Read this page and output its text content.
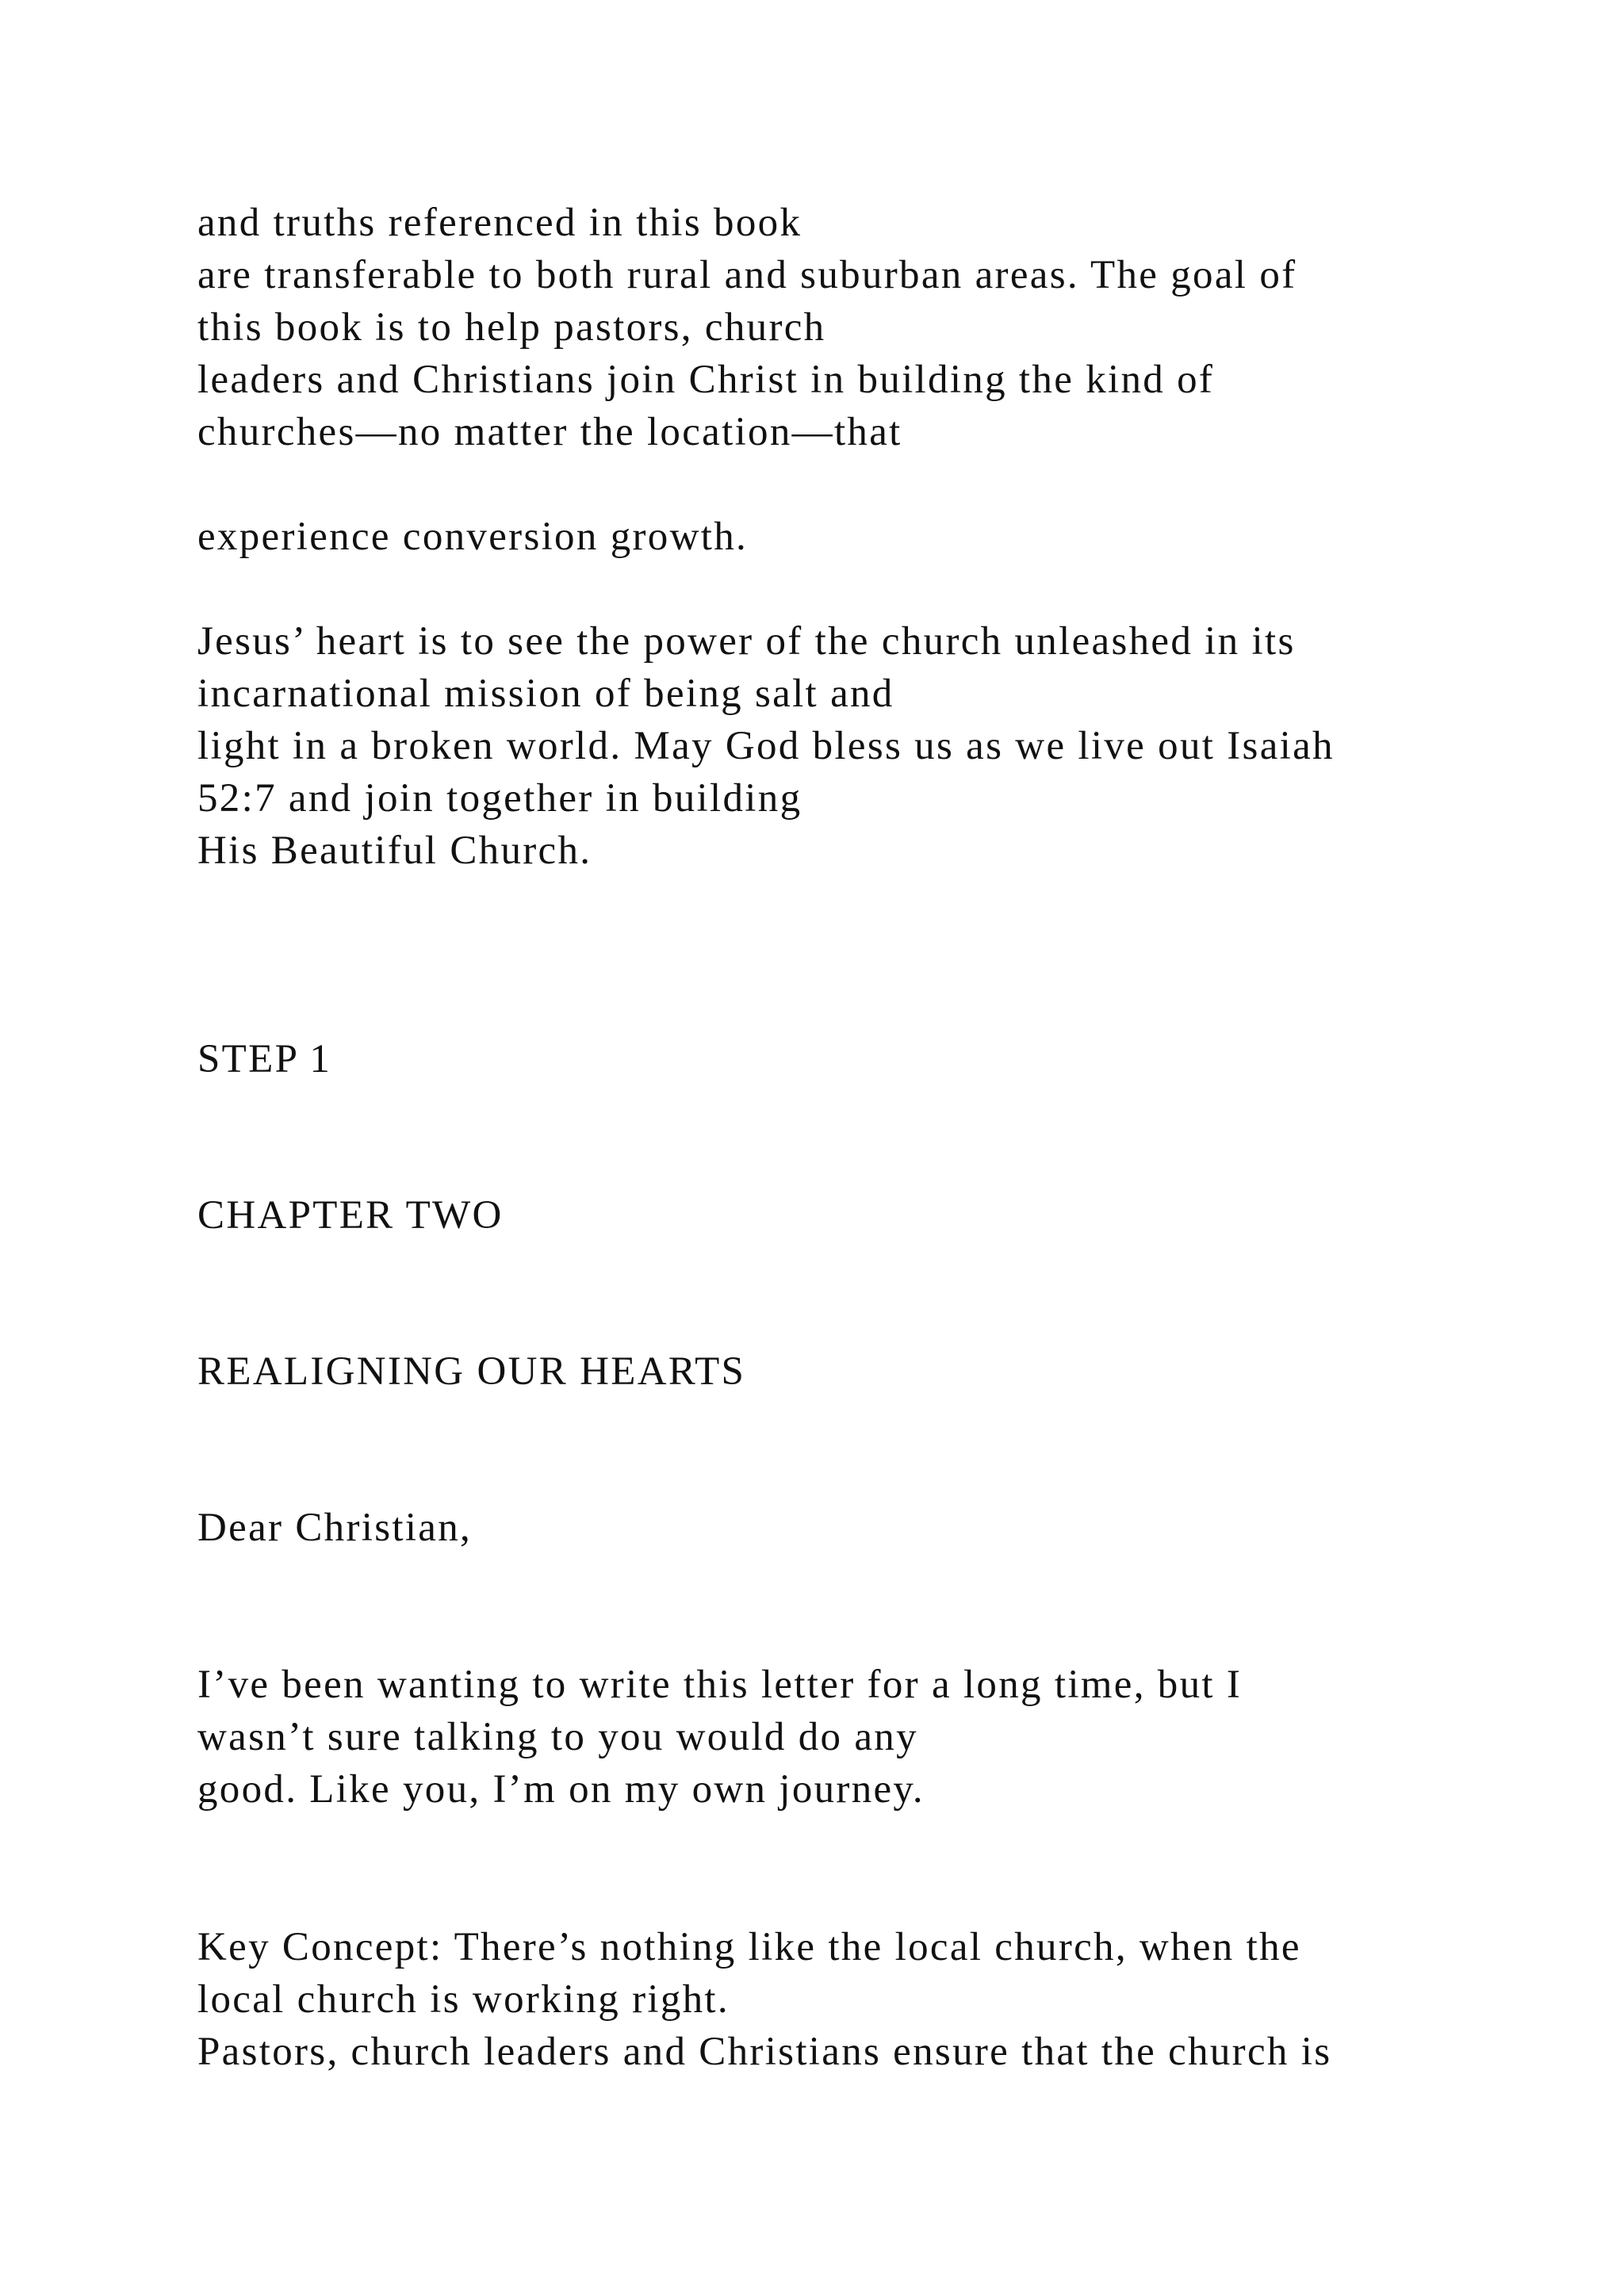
and truths referenced in this book

are transferable to both rural and suburban areas. The goal of

this book is to help pastors, church

leaders and Christians join Christ in building the kind of

churches—no matter the location—that

experience conversion growth.

Jesus’ heart is to see the power of the church unleashed in its

incarnational mission of being salt and

light in a broken world. May God bless us as we live out Isaiah

52:7 and join together in building

His Beautiful Church.

STEP 1

CHAPTER TWO

REALIGNING OUR HEARTS

Dear Christian,

I’ve been wanting to write this letter for a long time, but I

wasn’t sure talking to you would do any

good. Like you, I’m on my own journey.

Key Concept: There’s nothing like the local church, when the

local church is working right.

Pastors, church leaders and Christians ensure that the church is
